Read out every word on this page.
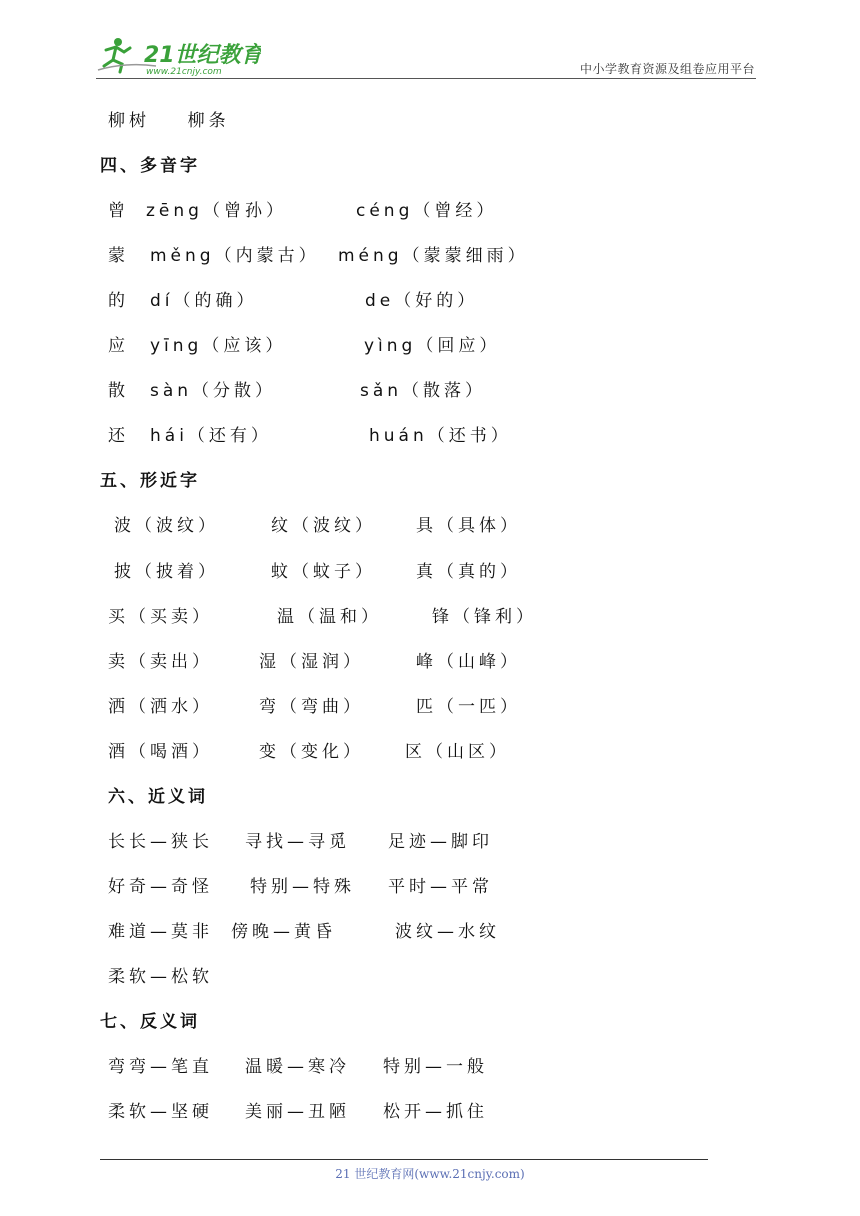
21世纪教育
www.21cnjy.com	中小学教育资源及组卷应用平台
柳树    柳条
四、多音字
曾 zēng（曾孙）	céng（曾经）
蒙 měng（内蒙古） méng（蒙蒙细雨）
的 dí（的确）	de（好的）
应 yīng（应该）	yìng（回应）
散 sàn（分散）	sǎn（散落）
还 hái（还有）	huán（还书）
五、形近字
波（波纹）	纹（波纹） 具（具体）
披（披着）	蚊（蚊子） 真（真的）
买（买卖）	温（温和）	锋（锋利）
卖（卖出）	湿（湿润）	峰（山峰）
洒（洒水）	弯（弯曲）	匹（一匹）
酒（喝酒）	变（变化） 区（山区）
六、近义词
长长—狭长 寻找—寻觅 足迹—脚印
好奇—奇怪 特别—特殊 平时—平常
难道—莫非 傍晚—黄昏	波纹—水纹
柔软—松软
七、反义词
弯弯—笔直 温暖—寒冷 特别—一般
柔软—坚硬 美丽—丑陋 松开—抓住
21 世纪教育网(www.21cnjy.com)
